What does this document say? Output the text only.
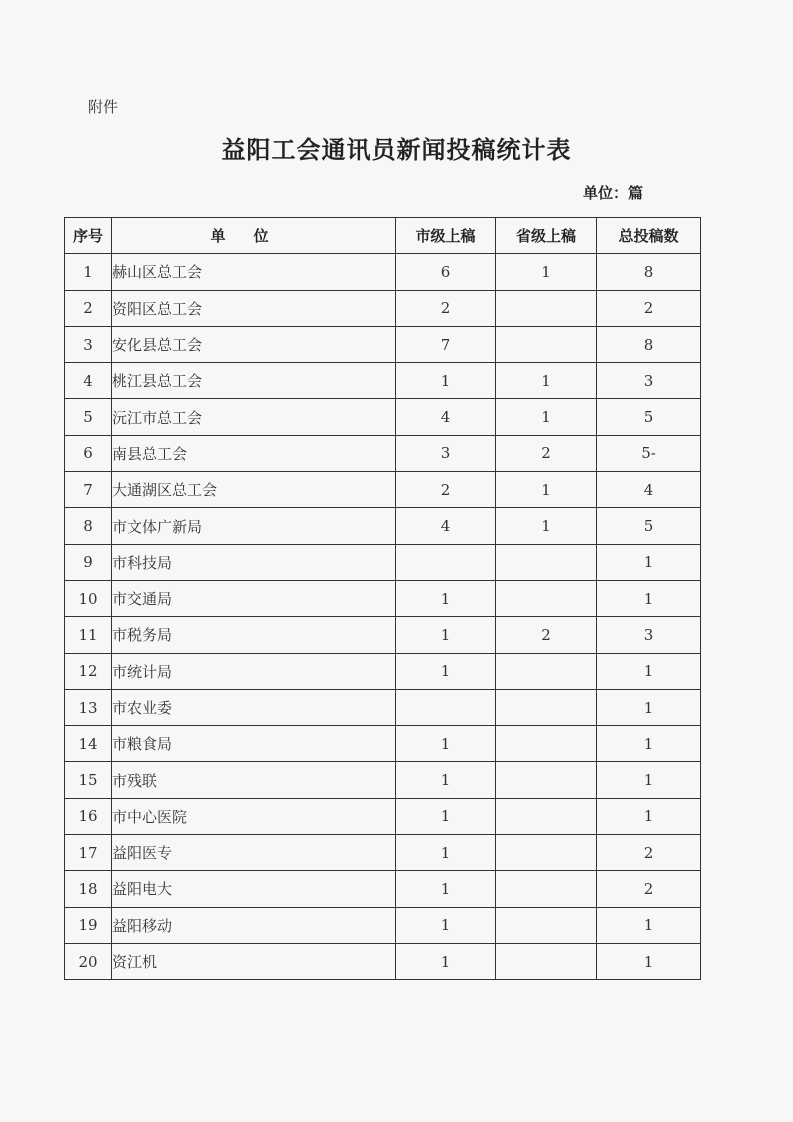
附件
益阳工会通讯员新闻投稿统计表
单位：篇
序号	单位	市级上稿	省级上稿	总投稿数
1	赫山区总工会	6	1	8
2	资阳区总工会	2		2
3	安化县总工会	7		8
4	桃江县总工会	1	1	3
5	沅江市总工会	4	1	5
6	南县总工会	3	2	5-
7	大通湖区总工会	2	1	4
8	市文体广新局	4	1	5
9	市科技局			1
10	市交通局	1		1
11	市税务局	1	2	3
12	市统计局	1		1
13	市农业委			1
14	市粮食局	1		1
15	市残联	1		1
16	市中心医院	1		1
17	益阳医专	1		2
18	益阳电大	1		2
19	益阳移动	1		1
20	资江机	1		1
